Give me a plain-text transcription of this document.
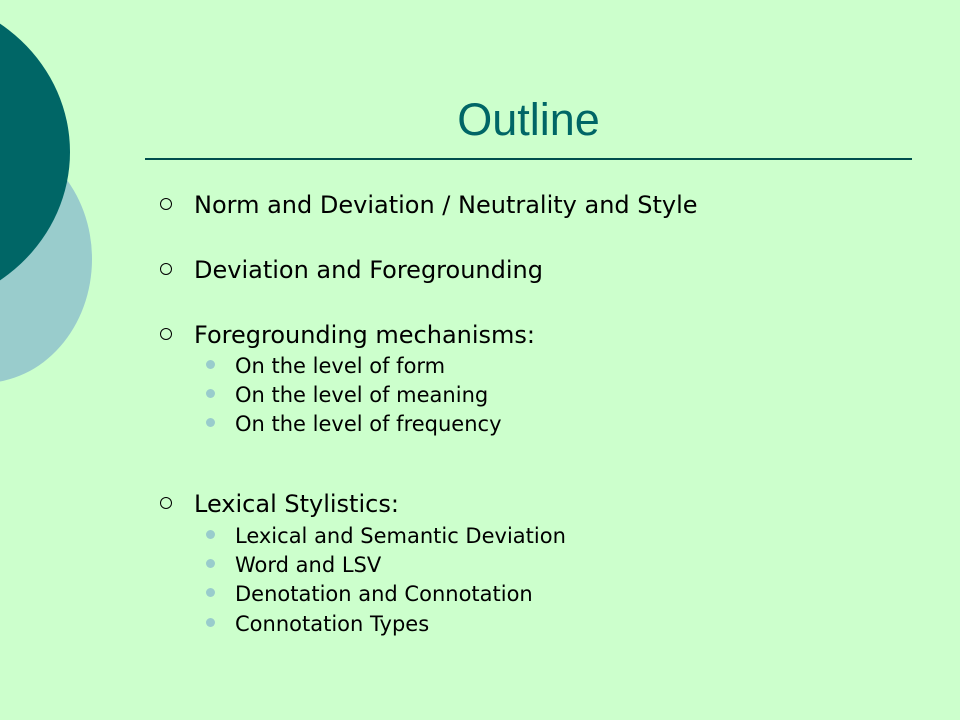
Outline
Norm and Deviation / Neutrality and Style
Deviation and Foregrounding
Foregrounding mechanisms:
On the level of form
On the level of meaning
On the level of frequency
Lexical Stylistics:
Lexical and Semantic Deviation
Word and LSV
Denotation and Connotation
Connotation Types
